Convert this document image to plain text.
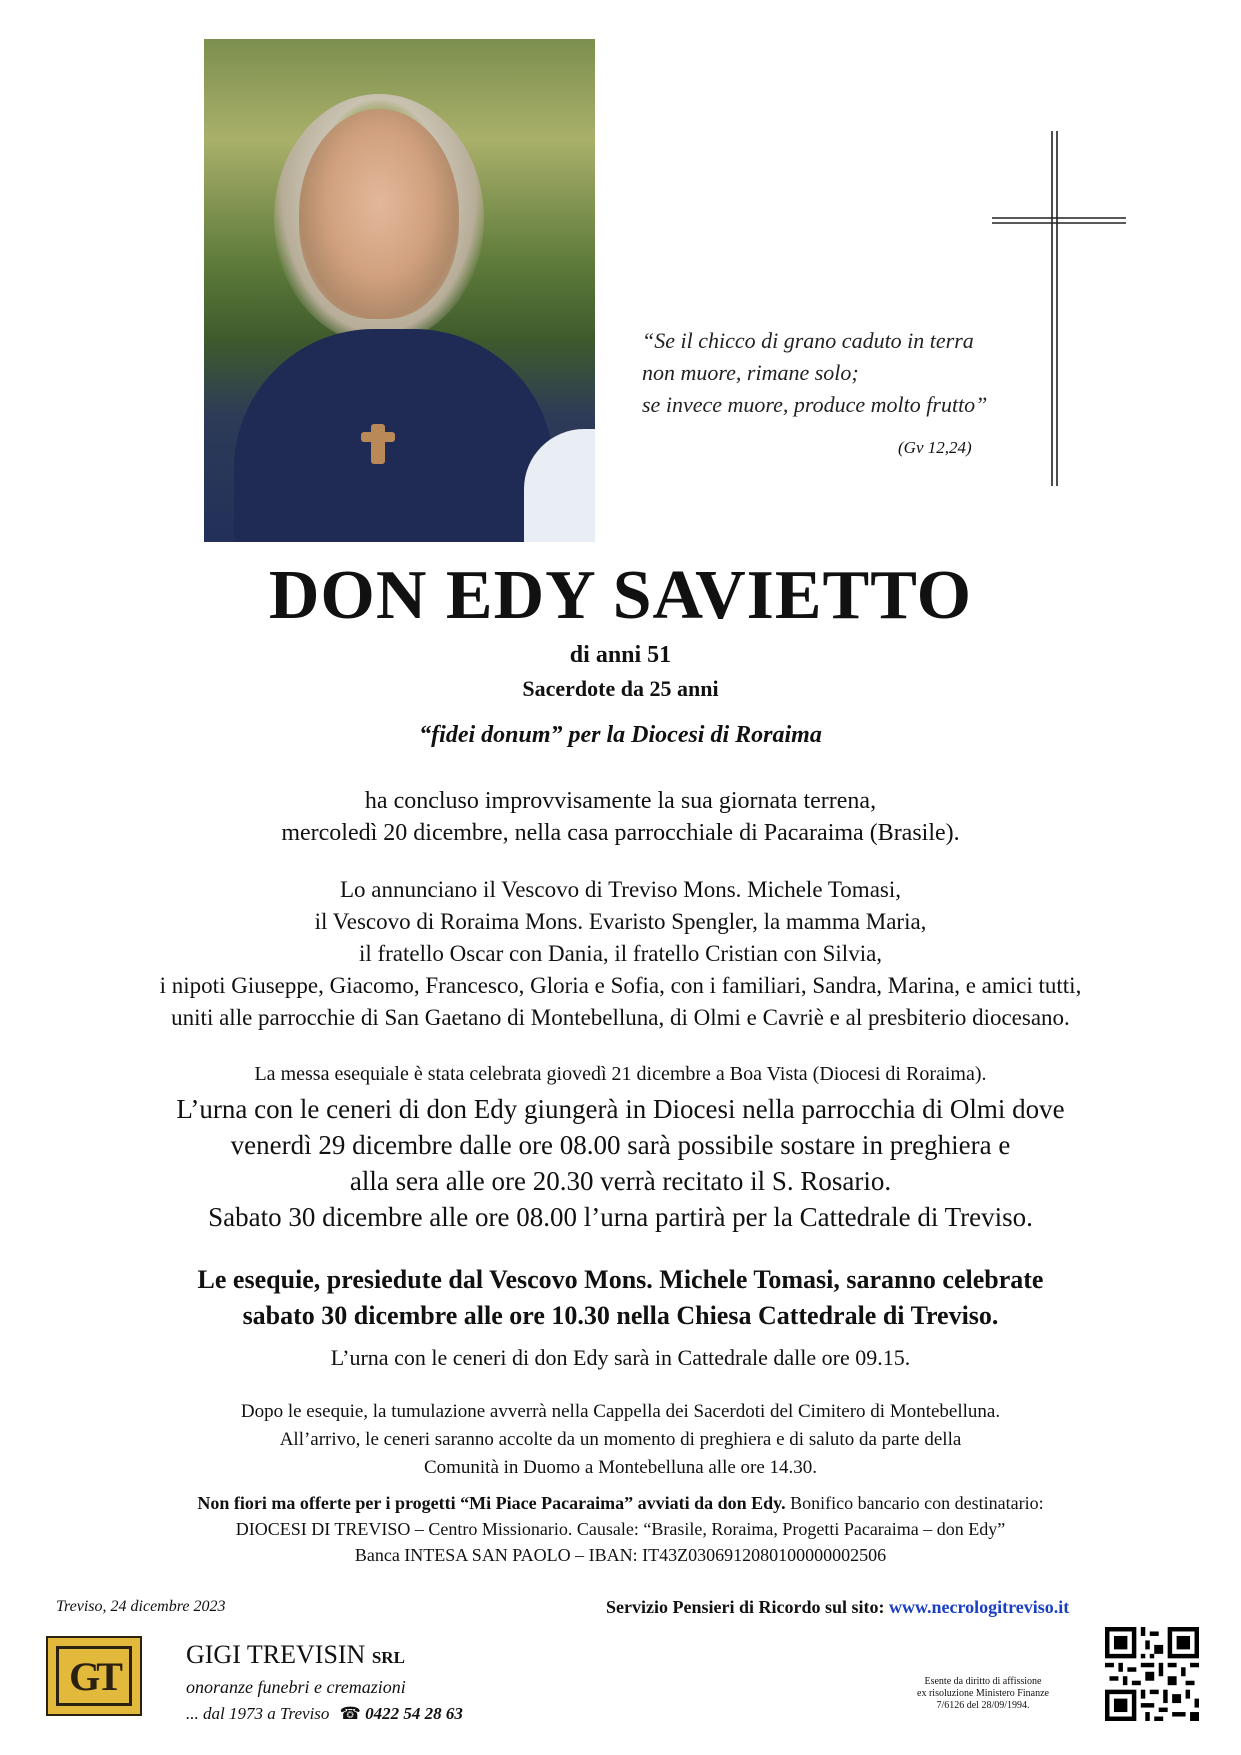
“Se il chicco di grano caduto in terra
non muore, rimane solo;
se invece muore, produce molto frutto”
(Gv 12,24)
DON EDY SAVIETTO
di anni 51
Sacerdote da 25 anni
“fidei donum” per la Diocesi di Roraima
ha concluso improvvisamente la sua giornata terrena,
mercoledì 20 dicembre, nella casa parrocchiale di Pacaraima (Brasile).
Lo annunciano il Vescovo di Treviso Mons. Michele Tomasi,
il Vescovo di Roraima Mons. Evaristo Spengler, la mamma Maria,
il fratello Oscar con Dania, il fratello Cristian con Silvia,
i nipoti Giuseppe, Giacomo, Francesco, Gloria e Sofia, con i familiari, Sandra, Marina, e amici tutti,
uniti alle parrocchie di San Gaetano di Montebelluna, di Olmi e Cavriè e al presbiterio diocesano.
La messa esequiale è stata celebrata giovedì 21 dicembre a Boa Vista (Diocesi di Roraima).
L’urna con le ceneri di don Edy giungerà in Diocesi nella parrocchia di Olmi dove
venerdì 29 dicembre dalle ore 08.00 sarà possibile sostare in preghiera e
alla sera alle ore 20.30 verrà recitato il S. Rosario.
Sabato 30 dicembre alle ore 08.00 l’urna partirà per la Cattedrale di Treviso.
Le esequie, presiedute dal Vescovo Mons. Michele Tomasi, saranno celebrate
sabato 30 dicembre alle ore 10.30 nella Chiesa Cattedrale di Treviso.
L’urna con le ceneri di don Edy sarà in Cattedrale dalle ore 09.15.
Dopo le esequie, la tumulazione avverrà nella Cappella dei Sacerdoti del Cimitero di Montebelluna.
All’arrivo, le ceneri saranno accolte da un momento di preghiera e di saluto da parte della
Comunità in Duomo a Montebelluna alle ore 14.30.
Non fiori ma offerte per i progetti “Mi Piace Pacaraima” avviati da don Edy. Bonifico bancario con destinatario:
DIOCESI DI TREVISO – Centro Missionario. Causale: “Brasile, Roraima, Progetti Pacaraima – don Edy”
Banca INTESA SAN PAOLO – IBAN: IT43Z0306912080100000002506
Treviso, 24 dicembre 2023	Servizio Pensieri di Ricordo sul sito: www.necrologitreviso.it
GT	GIGI TREVISIN SRL
onoranze funebri e cremazioni
... dal 1973 a Treviso ☎ 0422 54 28 63
Esente da diritto di affissione
ex risoluzione Ministero Finanze
7/6126 del 28/09/1994.
